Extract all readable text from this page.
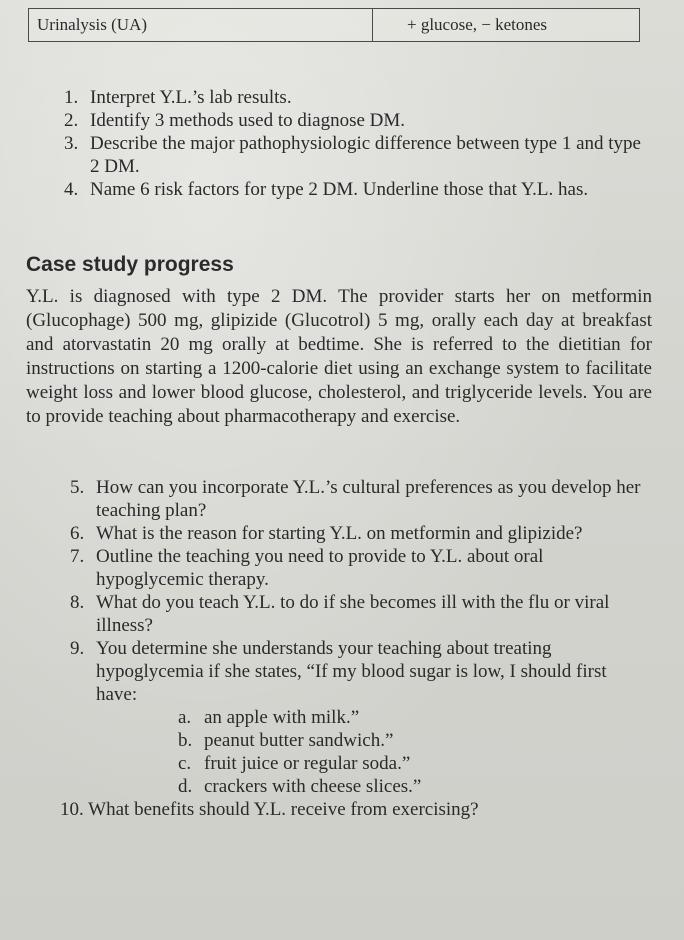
Urinalysis (UA)	+ glucose, − ketones
1. Interpret Y.L.’s lab results.
2. Identify 3 methods used to diagnose DM.
3. Describe the major pathophysiologic difference between type 1 and type 2 DM.
4. Name 6 risk factors for type 2 DM. Underline those that Y.L. has.
Case study progress

Y.L. is diagnosed with type 2 DM. The provider starts her on metformin (Glucophage) 500 mg, glipizide (Glucotrol) 5 mg, orally each day at breakfast and atorvastatin 20 mg orally at bedtime. She is referred to the dietitian for instructions on starting a 1200-calorie diet using an exchange system to facilitate weight loss and lower blood glucose, cholesterol, and triglyceride levels. You are to provide teaching about pharmacotherapy and exercise.

5. How can you incorporate Y.L.’s cultural preferences as you develop her teaching plan?
6. What is the reason for starting Y.L. on metformin and glipizide?
7. Outline the teaching you need to provide to Y.L. about oral hypoglycemic therapy.
8. What do you teach Y.L. to do if she becomes ill with the flu or viral illness?
9. You determine she understands your teaching about treating hypoglycemia if she states, “If my blood sugar is low, I should first have:
a. an apple with milk.”
b. peanut butter sandwich.”
c. fruit juice or regular soda.”
d. crackers with cheese slices.”
10. What benefits should Y.L. receive from exercising?
